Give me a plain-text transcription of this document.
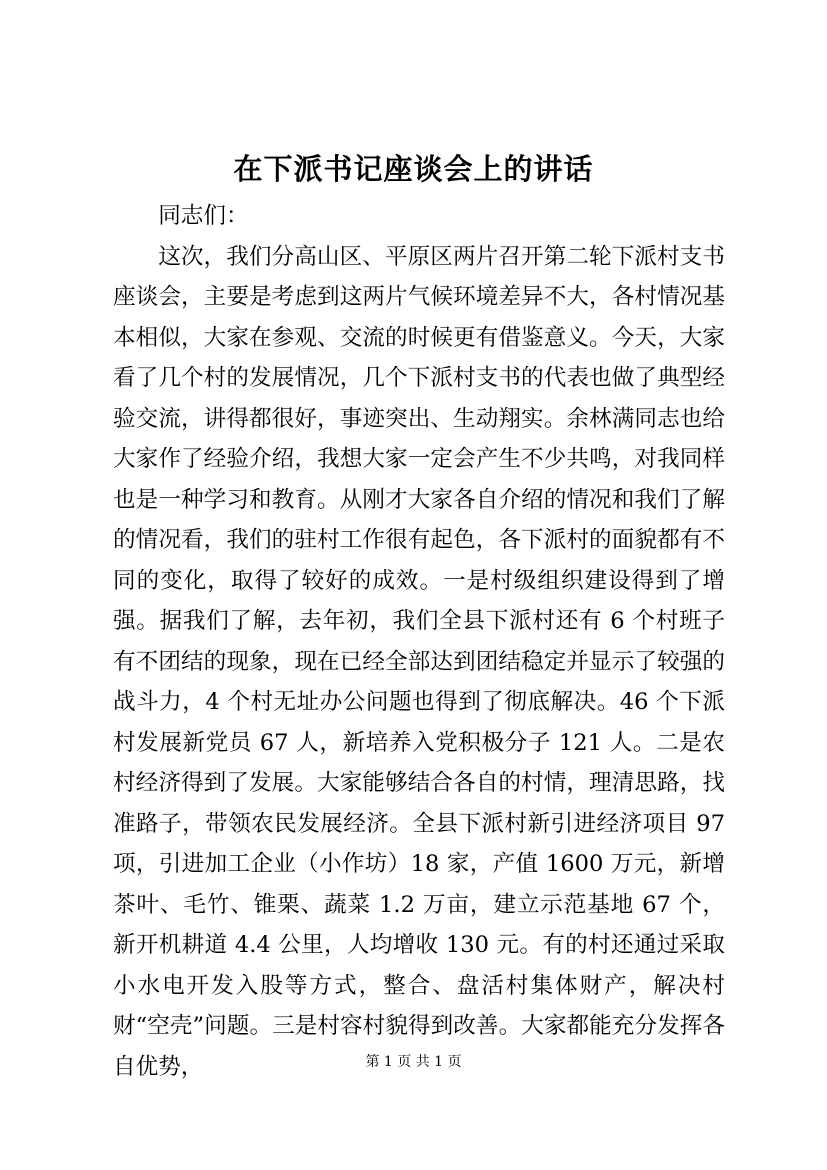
在下派书记座谈会上的讲话

同志们：

这次，我们分高山区、平原区两片召开第二轮下派村支书座谈会，主要是考虑到这两片气候环境差异不大，各村情况基本相似，大家在参观、交流的时候更有借鉴意义。今天，大家看了几个村的发展情况，几个下派村支书的代表也做了典型经验交流，讲得都很好，事迹突出、生动翔实。余林满同志也给大家作了经验介绍，我想大家一定会产生不少共鸣，对我同样也是一种学习和教育。从刚才大家各自介绍的情况和我们了解的情况看，我们的驻村工作很有起色，各下派村的面貌都有不同的变化，取得了较好的成效。一是村级组织建设得到了增强。据我们了解，去年初，我们全县下派村还有 6 个村班子有不团结的现象，现在已经全部达到团结稳定并显示了较强的战斗力，4 个村无址办公问题也得到了彻底解决。46 个下派村发展新党员 67 人，新培养入党积极分子 121 人。二是农村经济得到了发展。大家能够结合各自的村情，理清思路，找准路子，带领农民发展经济。全县下派村新引进经济项目 97 项，引进加工企业（小作坊）18 家，产值 1600 万元，新增茶叶、毛竹、锥栗、蔬菜 1.2 万亩，建立示范基地 67 个，新开机耕道 4.4 公里，人均增收 130 元。有的村还通过采取小水电开发入股等方式，整合、盘活村集体财产，解决村财“空壳”问题。三是村容村貌得到改善。大家都能充分发挥各自优势，	第 1 页 共 1 页
